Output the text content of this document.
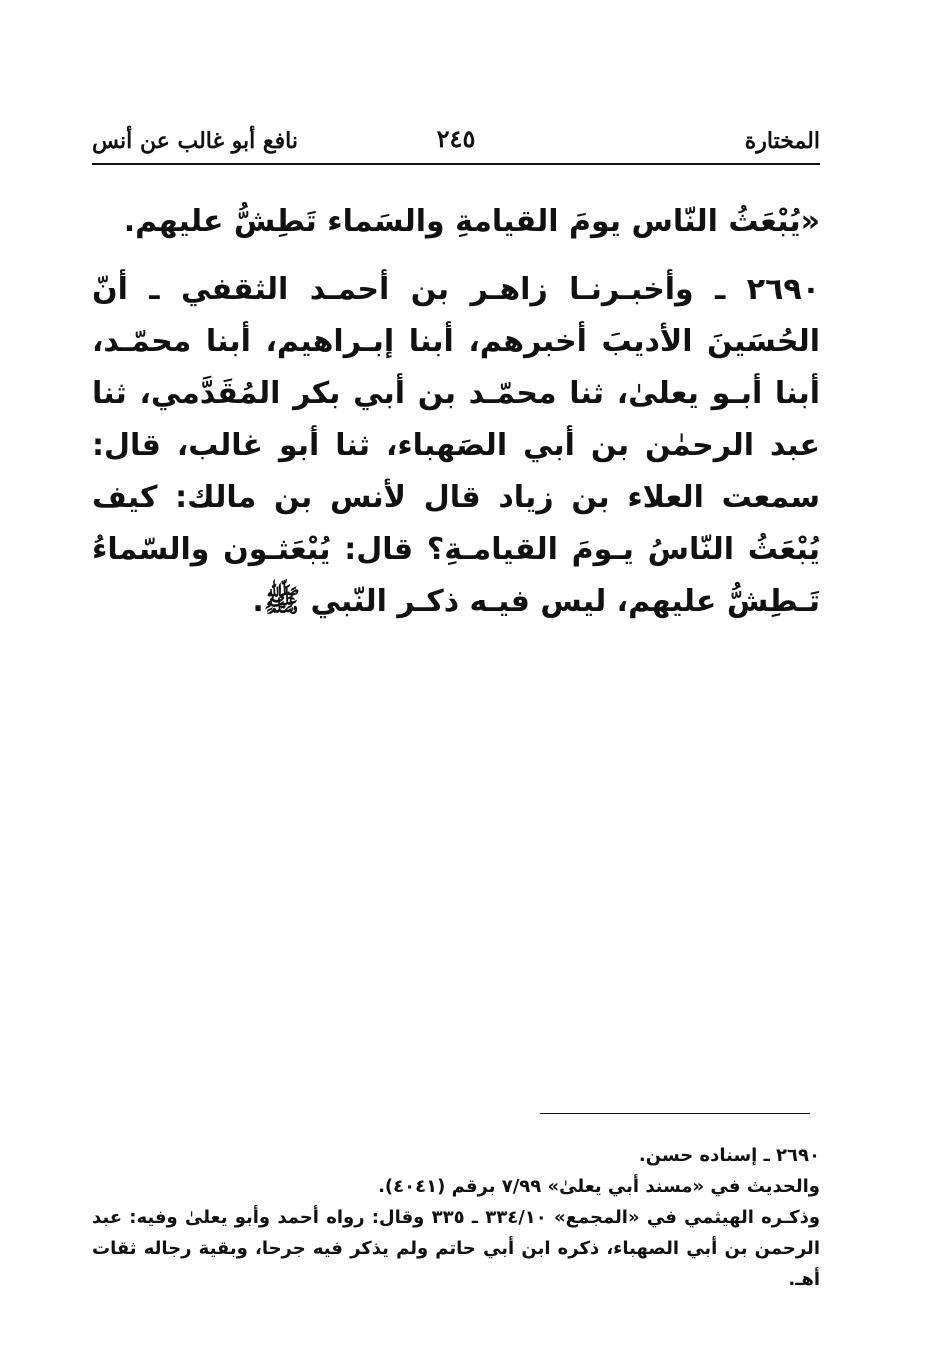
المختارة
٢٤٥
نافع أبو غالب عن أنس

«يُبْعَثُ النّاس يومَ القيامةِ والسَماء تَطِشُّ عليهم.

٢٦٩٠ ـ وأخبـرنـا زاهـر بن أحمـد الثقفي ـ أنّ الحُسَينَ الأديبَ أخبرهم، أبنا إبـراهيم، أبنا محمّـد، أبنا أبـو يعلىٰ، ثنا محمّـد بن أبي بكر المُقَدَّمي، ثنا عبد الرحمٰن بن أبي الصَهباء، ثنا أبو غالب، قال: سمعت العلاء بن زياد قال لأنس بن مالك: كيف يُبْعَثُ النّاسُ يـومَ القيامـةِ؟ قال: يُبْعَثـون والسّماءُ تَـطِشُّ عليهم، ليس فيـه ذكـر النّبي ﷺ.

٢٦٩٠ ـ إسناده حسن.

والحديث في «مسند أبي يعلىٰ» ٧/٩٩ برقم (٤٠٤١).

وذكـره الهيثمي في «المجمع» ٣٣٤/١٠ ـ ٣٣٥ وقال: رواه أحمد وأبو يعلىٰ وفيه: عبد الرحمن بن أبي الصهباء، ذكره ابن أبي حاتم ولم يذكر فيه جرحا، وبقية رجاله ثقات أهـ.
